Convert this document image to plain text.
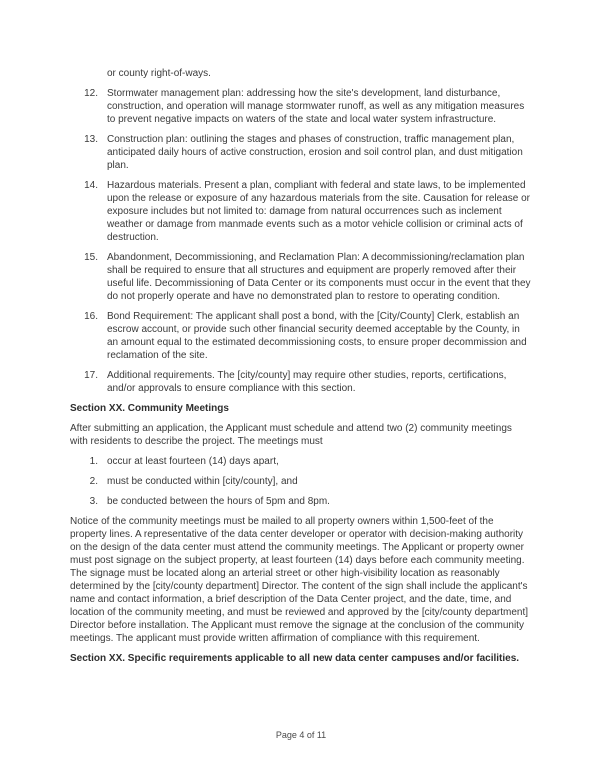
or county right-of-ways.
12. Stormwater management plan: addressing how the site's development, land disturbance, construction, and operation will manage stormwater runoff, as well as any mitigation measures to prevent negative impacts on waters of the state and local water system infrastructure.
13. Construction plan: outlining the stages and phases of construction, traffic management plan, anticipated daily hours of active construction, erosion and soil control plan, and dust mitigation plan.
14. Hazardous materials. Present a plan, compliant with federal and state laws, to be implemented upon the release or exposure of any hazardous materials from the site. Causation for release or exposure includes but not limited to: damage from natural occurrences such as inclement weather or damage from manmade events such as a motor vehicle collision or criminal acts of destruction.
15. Abandonment, Decommissioning, and Reclamation Plan: A decommissioning/reclamation plan shall be required to ensure that all structures and equipment are properly removed after their useful life. Decommissioning of Data Center or its components must occur in the event that they do not properly operate and have no demonstrated plan to restore to operating condition.
16. Bond Requirement: The applicant shall post a bond, with the [City/County] Clerk, establish an escrow account, or provide such other financial security deemed acceptable by the County, in an amount equal to the estimated decommissioning costs, to ensure proper decommission and reclamation of the site.
17. Additional requirements. The [city/county] may require other studies, reports, certifications, and/or approvals to ensure compliance with this section.
Section XX. Community Meetings
After submitting an application, the Applicant must schedule and attend two (2) community meetings with residents to describe the project. The meetings must
1. occur at least fourteen (14) days apart,
2. must be conducted within [city/county], and
3. be conducted between the hours of 5pm and 8pm.
Notice of the community meetings must be mailed to all property owners within 1,500-feet of the property lines. A representative of the data center developer or operator with decision-making authority on the design of the data center must attend the community meetings. The Applicant or property owner must post signage on the subject property, at least fourteen (14) days before each community meeting. The signage must be located along an arterial street or other high-visibility location as reasonably determined by the [city/county department] Director. The content of the sign shall include the applicant's name and contact information, a brief description of the Data Center project, and the date, time, and location of the community meeting, and must be reviewed and approved by the [city/county department] Director before installation. The Applicant must remove the signage at the conclusion of the community meetings. The applicant must provide written affirmation of compliance with this requirement.
Section XX. Specific requirements applicable to all new data center campuses and/or facilities.
Page 4 of 11
